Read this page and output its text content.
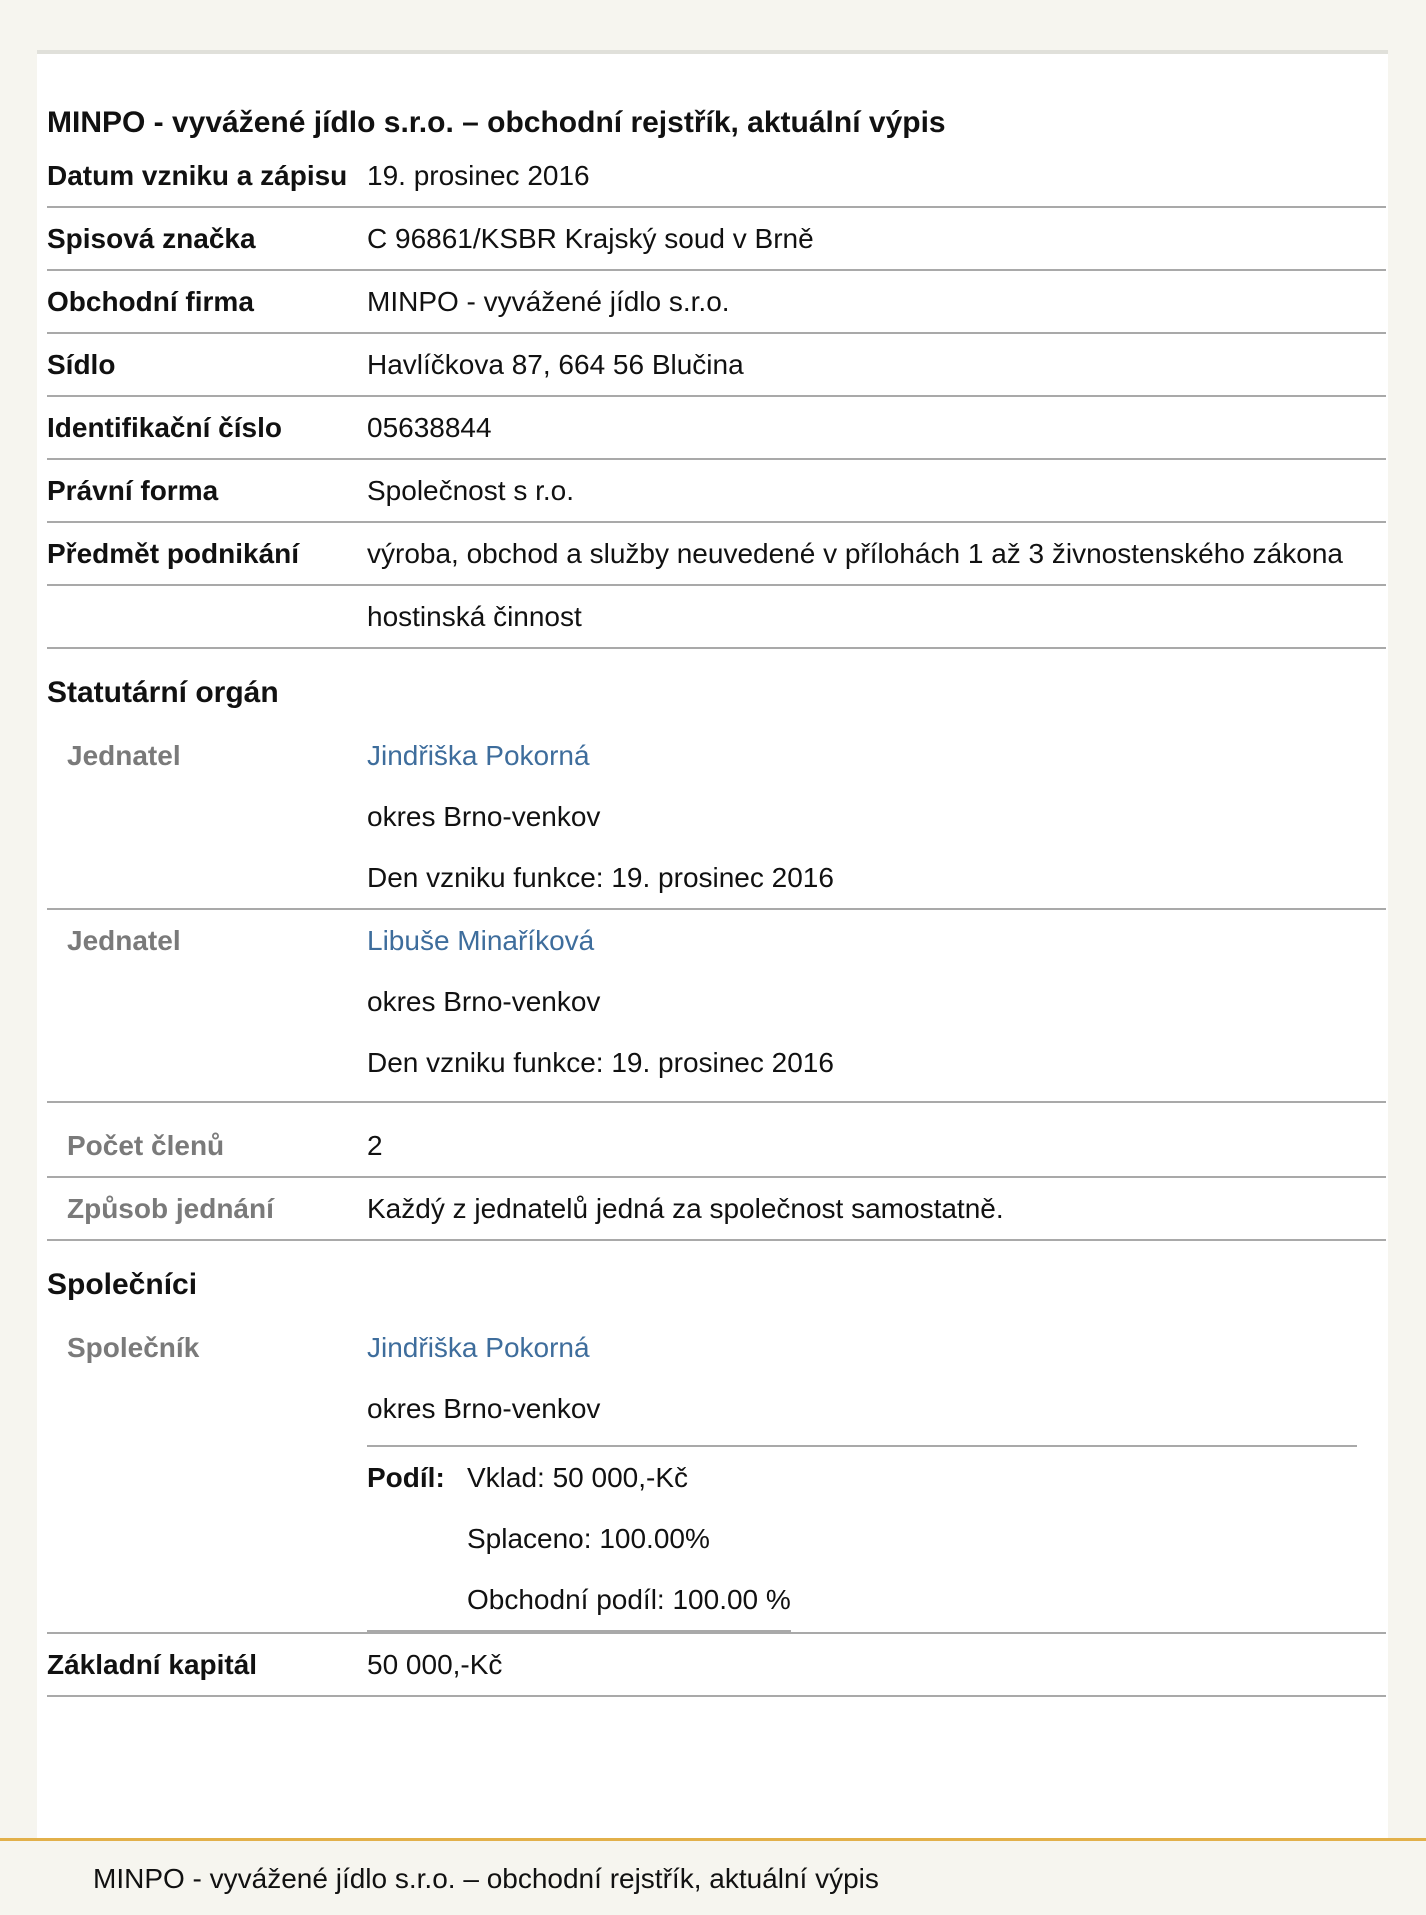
MINPO - vyvážené jídlo s.r.o. – obchodní rejstřík, aktuální výpis
Datum vzniku a zápisu	19. prosinec 2016
Spisová značka	C 96861/KSBR Krajský soud v Brně
Obchodní firma	MINPO - vyvážené jídlo s.r.o.
Sídlo	Havlíčkova 87, 664 56 Blučina
Identifikační číslo	05638844
Právní forma	Společnost s r.o.
Předmět podnikání	výroba, obchod a služby neuvedené v přílohách 1 až 3 živnostenského zákona
	hostinská činnost
Statutární orgán
Jednatel	Jindřiška Pokorná
okres Brno-venkov
Den vzniku funkce: 19. prosinec 2016

Jednatel	Libuše Minaříková
okres Brno-venkov
Den vzniku funkce: 19. prosinec 2016

Počet členů	2
Způsob jednání	Každý z jednatelů jedná za společnost samostatně.
Společníci
Společník	Jindřiška Pokorná
okres Brno-venkov
Podíl:	Vklad: 50 000,-Kč
Splaceno: 100.00%
Obchodní podíl: 100.00 %

Základní kapitál	50 000,-Kč
MINPO - vyvážené jídlo s.r.o. – obchodní rejstřík, aktuální výpis
